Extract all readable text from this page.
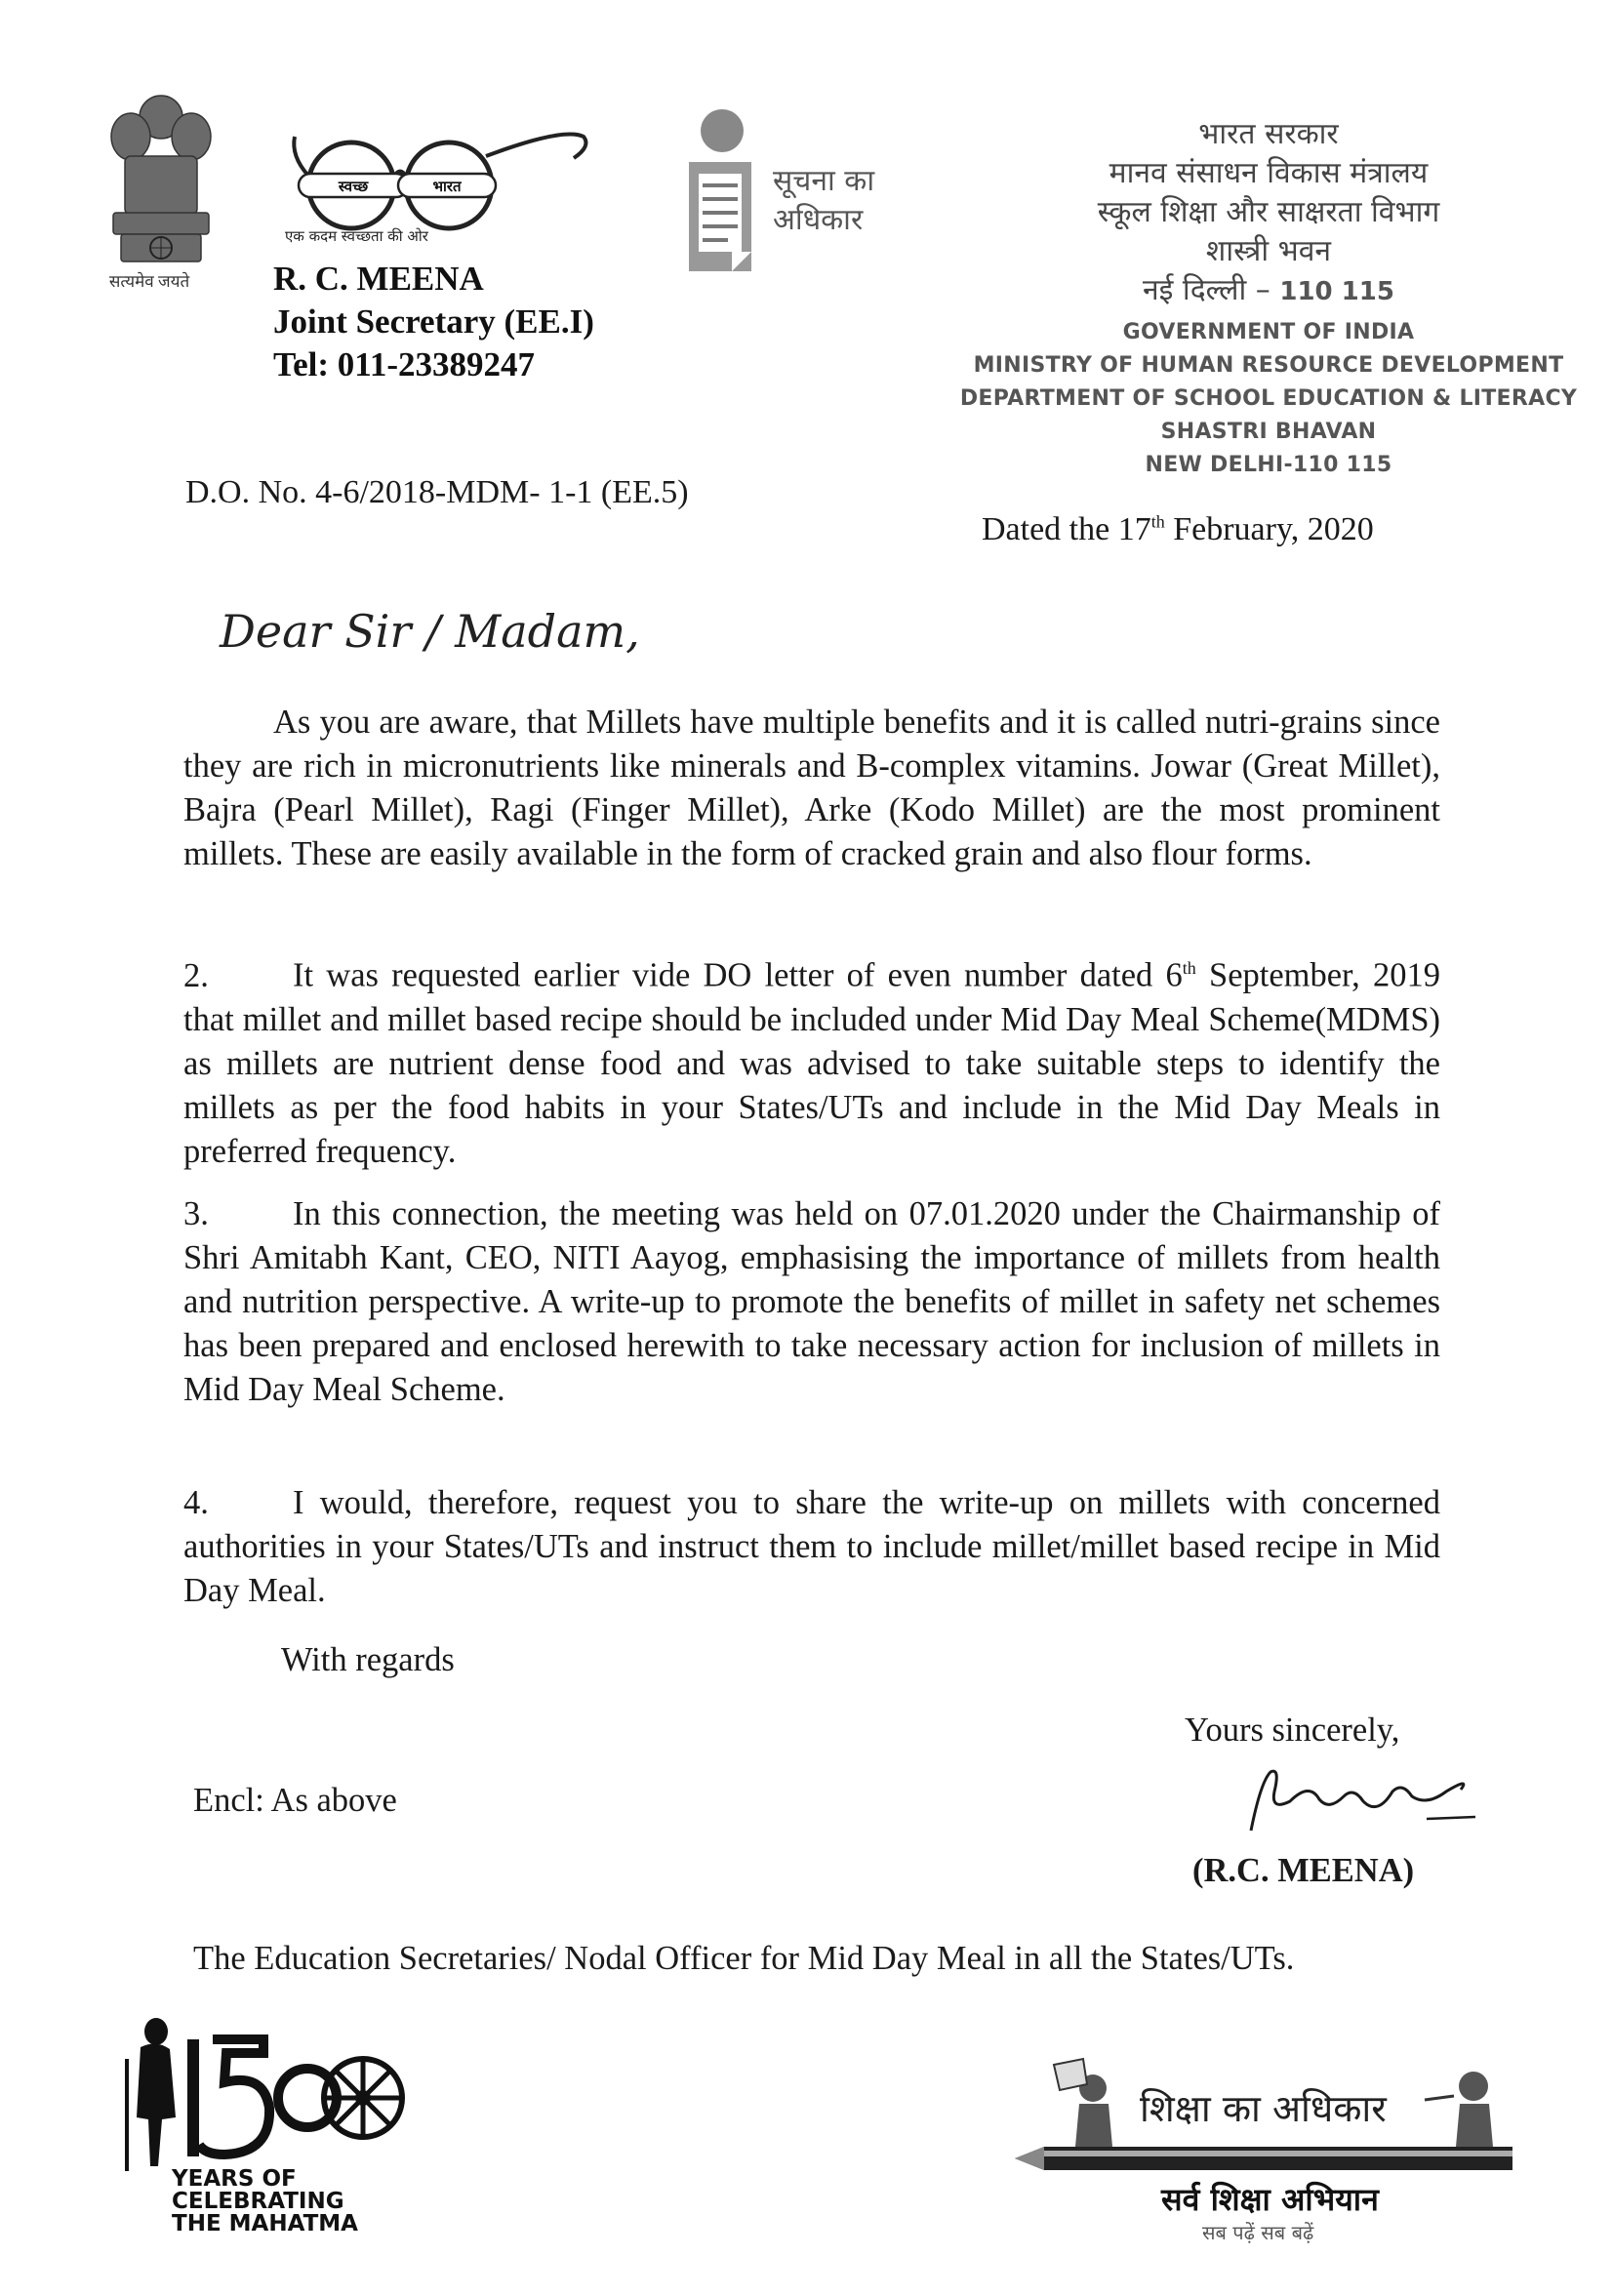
सत्यमेव जयते
स्वच्छ	भारत
एक कदम स्वच्छता की ओर
R. C. MEENA
Joint Secretary (EE.I)
Tel: 011-23389247
सूचना का
अधिकार
भारत सरकार
मानव संसाधन विकास मंत्रालय
स्कूल शिक्षा और साक्षरता विभाग
शास्त्री भवन
नई दिल्ली – 110 115
GOVERNMENT OF INDIA
MINISTRY OF HUMAN RESOURCE DEVELOPMENT
DEPARTMENT OF SCHOOL EDUCATION & LITERACY
SHASTRI BHAVAN
NEW DELHI-110 115
D.O. No. 4-6/2018-MDM- 1-1 (EE.5)
Dated the 17th February, 2020
Dear Sir / Madam,
As you are aware, that Millets have multiple benefits and it is called nutri-grains since they are rich in micronutrients like minerals and B-complex vitamins. Jowar (Great Millet), Bajra (Pearl Millet), Ragi (Finger Millet), Arke (Kodo Millet) are the most prominent millets. These are easily available in the form of cracked grain and also flour forms.
2. It was requested earlier vide DO letter of even number dated 6th September, 2019 that millet and millet based recipe should be included under Mid Day Meal Scheme(MDMS) as millets are nutrient dense food and was advised to take suitable steps to identify the millets as per the food habits in your States/UTs and include in the Mid Day Meals in preferred frequency.
3. In this connection, the meeting was held on 07.01.2020 under the Chairmanship of Shri Amitabh Kant, CEO, NITI Aayog, emphasising the importance of millets from health and nutrition perspective. A write-up to promote the benefits of millet in safety net schemes has been prepared and enclosed herewith to take necessary action for inclusion of millets in Mid Day Meal Scheme.
4. I would, therefore, request you to share the write-up on millets with concerned authorities in your States/UTs and instruct them to include millet/millet based recipe in Mid Day Meal.
With regards
Yours sincerely,
Encl: As above
(R.C. MEENA)
The Education Secretaries/ Nodal Officer for Mid Day Meal in all the States/UTs.
YEARS OF
CELEBRATING
THE MAHATMA
शिक्षा का अधिकार
सर्व शिक्षा अभियान
सब पढ़ें सब बढ़ें
